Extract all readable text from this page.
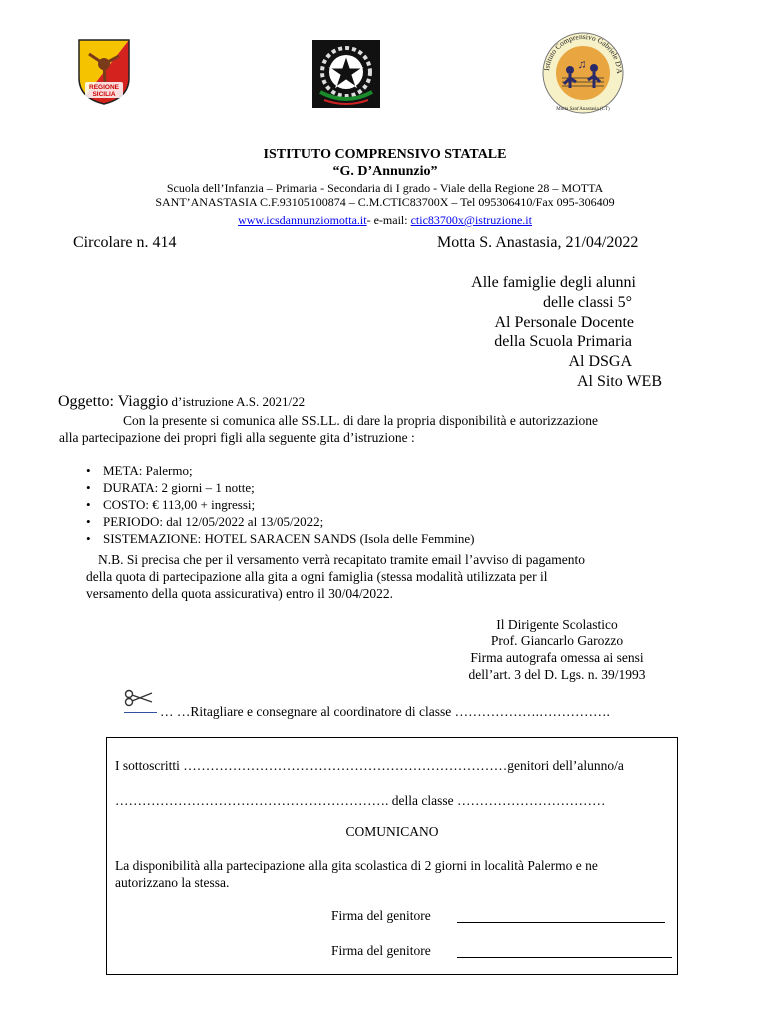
REGIONE
SICILIA
Istituto Comprensivo Gabriele D'A
Motta Sant'Anastasia (CT)
♫
ISTITUTO COMPRENSIVO STATALE
“G. D’Annunzio”
Scuola dell’Infanzia – Primaria - Secondaria di I grado - Viale della Regione 28 – MOTTA
SANT’ANASTASIA C.F.93105100874 – C.M.CTIC83700X – Tel 095306410/Fax 095-306409
www.icsdannunziomotta.it- e-mail: ctic83700x@istruzione.it
Circolare n. 414	Motta S. Anastasia, 21/04/2022
Alle famiglie degli alunni
delle classi 5°
Al Personale Docente
della Scuola Primaria
Al DSGA
Al Sito WEB
Oggetto: Viaggio d’istruzione A.S. 2021/22
Con la presente si comunica alle SS.LL. di dare la propria disponibilità e autorizzazione
alla partecipazione dei propri figli alla seguente gita d’istruzione :
• META: Palermo;
• DURATA: 2 giorni – 1 notte;
• COSTO: € 113,00 + ingressi;
• PERIODO: dal 12/05/2022 al 13/05/2022;
• SISTEMAZIONE: HOTEL SARACEN SANDS (Isola delle Femmine)
N.B. Si precisa che per il versamento verrà recapitato tramite email l’avviso di pagamento
della quota di partecipazione alla gita a ogni famiglia (stessa modalità utilizzata per il
versamento della quota assicurativa) entro il 30/04/2022.
Il Dirigente Scolastico
Prof. Giancarlo Garozzo
Firma autografa omessa ai sensi
dell’art. 3 del D. Lgs. n. 39/1993
… …Ritagliare e consegnare al coordinatore di classe ……………….…………….
I sottoscritti ………………………………………………………………genitori dell’alunno/a
……………………………………………………. della classe ……………………………
COMUNICANO
La disponibilità alla partecipazione alla gita scolastica di 2 giorni in località Palermo e ne
autorizzano la stessa.
Firma del genitore
Firma del genitore
